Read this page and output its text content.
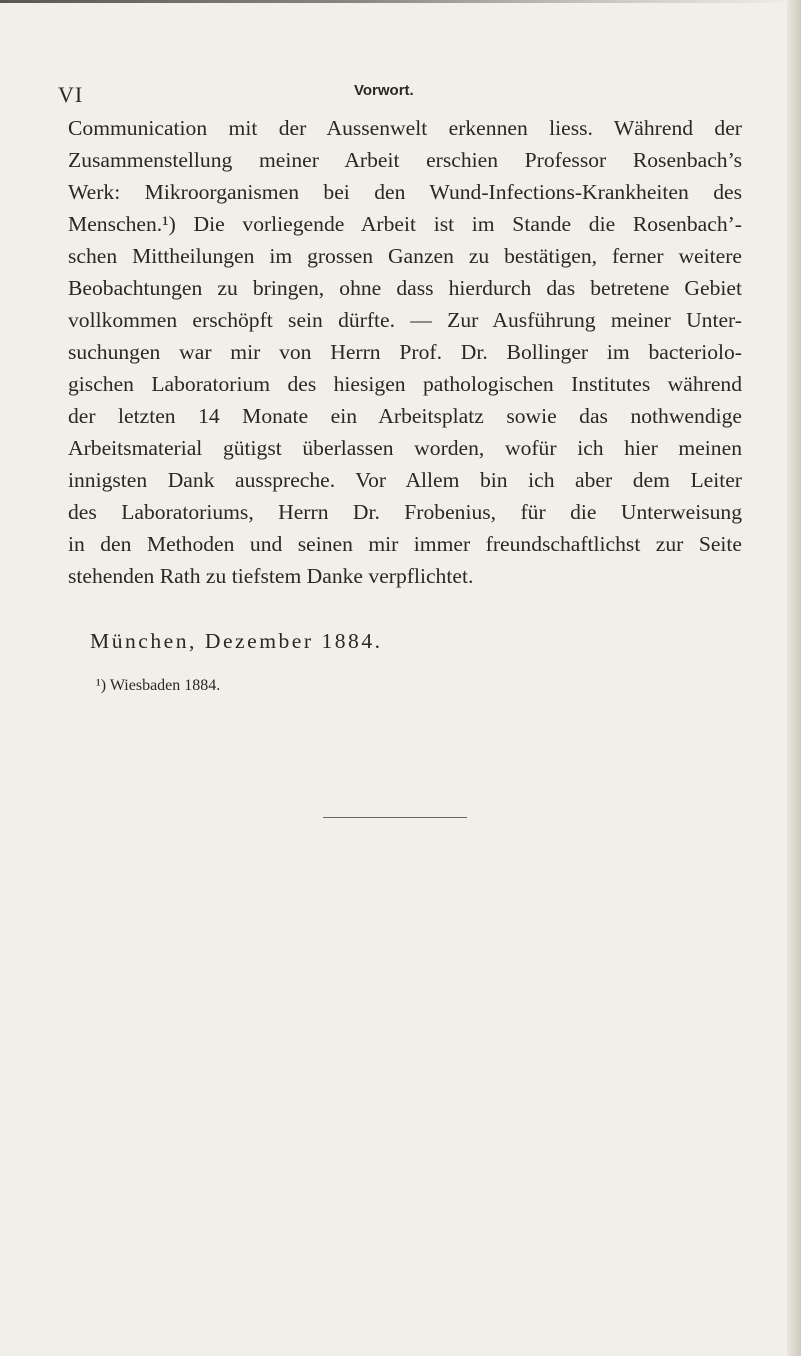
VI	Vorwort.
Communication mit der Aussenwelt erkennen liess. Während der
Zusammenstellung meiner Arbeit erschien Professor Rosenbach’s
Werk: Mikroorganismen bei den Wund-Infections-Krankheiten des
Menschen.¹) Die vorliegende Arbeit ist im Stande die Rosenbach’-
schen Mittheilungen im grossen Ganzen zu bestätigen, ferner weitere
Beobachtungen zu bringen, ohne dass hierdurch das betretene Gebiet
vollkommen erschöpft sein dürfte. — Zur Ausführung meiner Unter-
suchungen war mir von Herrn Prof. Dr. Bollinger im bacteriolo-
gischen Laboratorium des hiesigen pathologischen Institutes während
der letzten 14 Monate ein Arbeitsplatz sowie das nothwendige
Arbeitsmaterial gütigst überlassen worden, wofür ich hier meinen
innigsten Dank ausspreche. Vor Allem bin ich aber dem Leiter
des Laboratoriums, Herrn Dr. Frobenius, für die Unterweisung
in den Methoden und seinen mir immer freundschaftlichst zur Seite
stehenden Rath zu tiefstem Danke verpflichtet.
München, Dezember 1884.
¹) Wiesbaden 1884.
